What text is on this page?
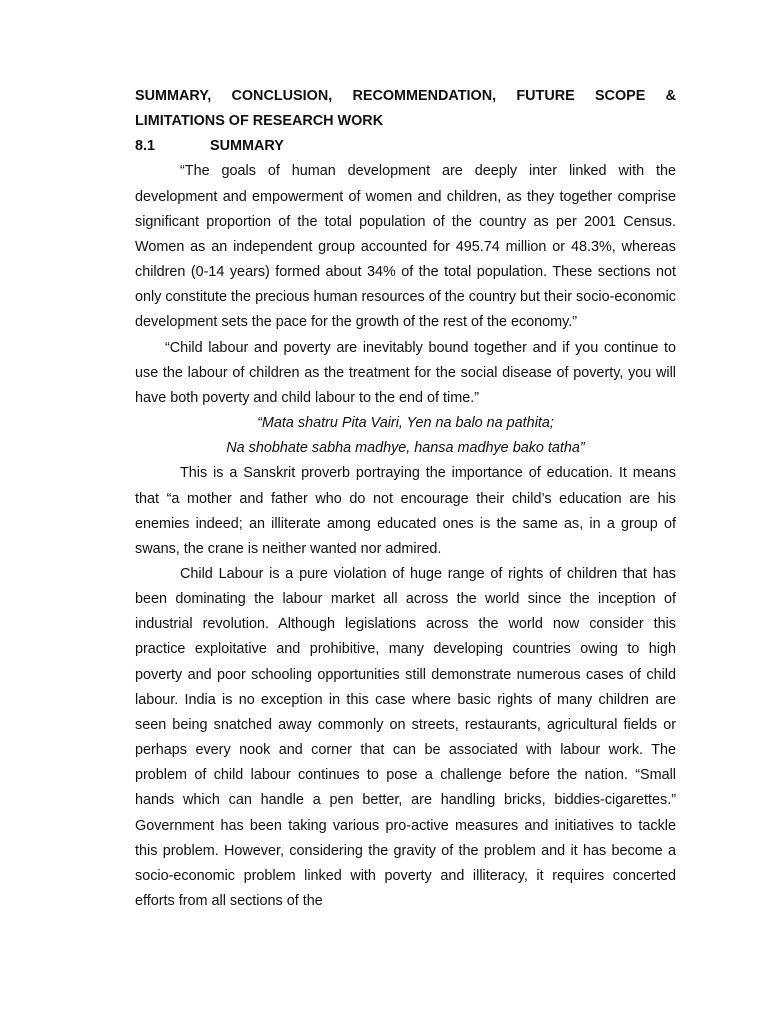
SUMMARY, CONCLUSION, RECOMMENDATION, FUTURE SCOPE & LIMITATIONS OF RESEARCH WORK
8.1	SUMMARY

“The goals of human development are deeply inter linked with the development and empowerment of women and children, as they together comprise significant proportion of the total population of the country as per 2001 Census. Women as an independent group accounted for 495.74 million or 48.3%, whereas children (0-14 years) formed about 34% of the total population. These sections not only constitute the precious human resources of the country but their socio-economic development sets the pace for the growth of the rest of the economy.”

“Child labour and poverty are inevitably bound together and if you continue to use the labour of children as the treatment for the social disease of poverty, you will have both poverty and child labour to the end of time.”

“Mata shatru Pita Vairi, Yen na balo na pathita;

Na shobhate sabha madhye, hansa madhye bako tatha”

This is a Sanskrit proverb portraying the importance of education. It means that “a mother and father who do not encourage their child’s education are his enemies indeed; an illiterate among educated ones is the same as, in a group of swans, the crane is neither wanted nor admired.

Child Labour is a pure violation of huge range of rights of children that has been dominating the labour market all across the world since the inception of industrial revolution. Although legislations across the world now consider this practice exploitative and prohibitive, many developing countries owing to high poverty and poor schooling opportunities still demonstrate numerous cases of child labour. India is no exception in this case where basic rights of many children are seen being snatched away commonly on streets, restaurants, agricultural fields or perhaps every nook and corner that can be associated with labour work. The problem of child labour continues to pose a challenge before the nation. “Small hands which can handle a pen better, are handling bricks, biddies-cigarettes.” Government has been taking various pro-active measures and initiatives to tackle this problem. However, considering the gravity of the problem and it has become a socio-economic problem linked with poverty and illiteracy, it requires concerted efforts from all sections of the
